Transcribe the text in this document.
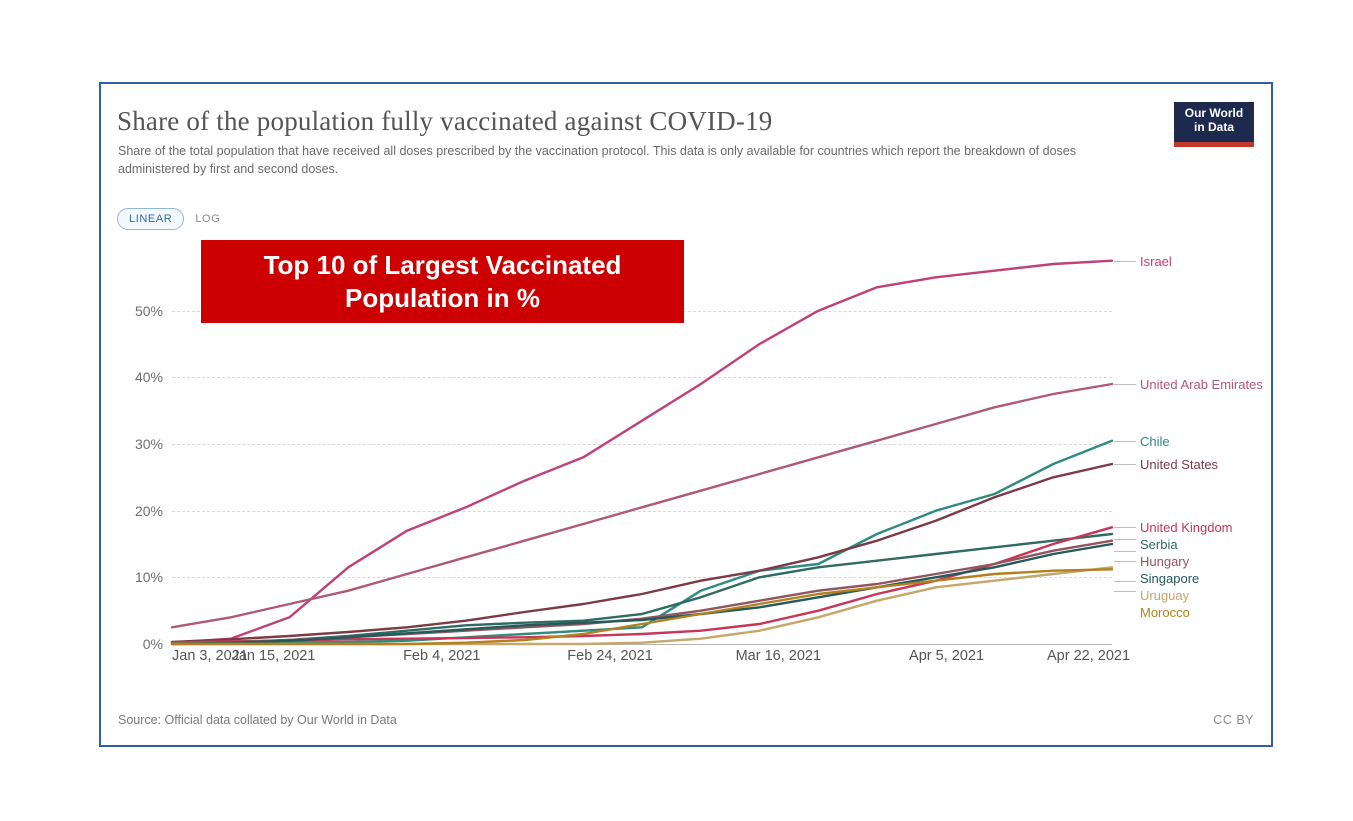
Share of the population fully vaccinated against COVID-19
Share of the total population that have received all doses prescribed by the vaccination protocol. This data is only available for countries which report the breakdown of doses administered by first and second doses.
Our World
in Data
LINEAR	LOG
0%
10%
20%
30%
40%
50%
Jan 3, 2021
Jan 15, 2021	Feb 4, 2021	Feb 24, 2021	Mar 16, 2021	Apr 5, 2021	Apr 22, 2021
Israel
United Arab Emirates
Chile
United States
United Kingdom
Serbia
Hungary
Singapore
Uruguay
Morocco
Top 10 of Largest Vaccinated Population in %
Source: Official data collated by Our World in Data	CC BY
